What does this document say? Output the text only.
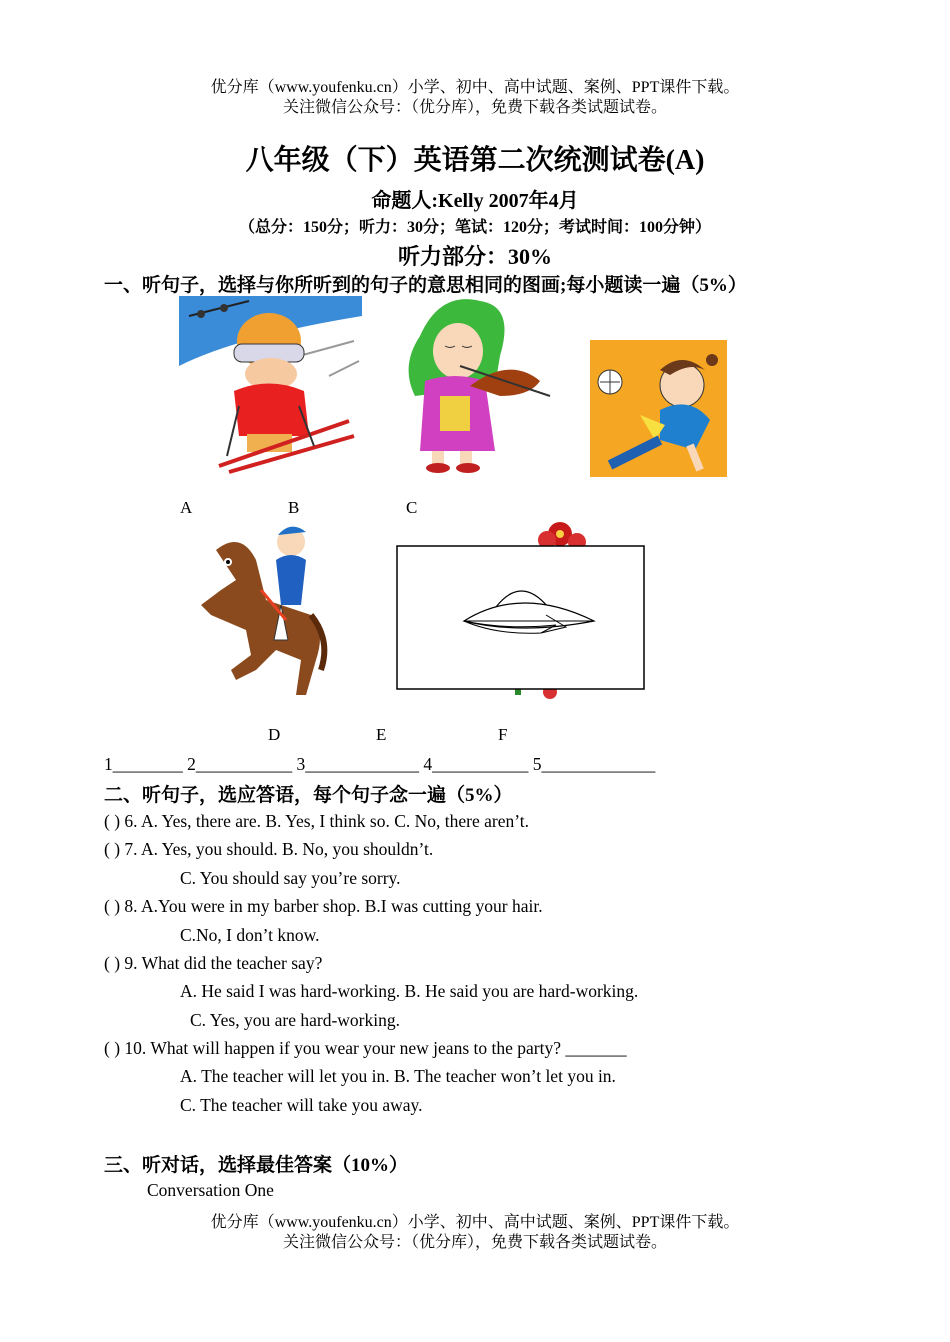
优分库（www.youfenku.cn）小学、初中、高中试题、案例、PPT课件下载。
关注微信公众号：（优分库），免费下载各类试题试卷。
八年级（下）英语第二次统测试卷(A)
命题人:Kelly 2007年4月
（总分：150分；听力：30分；笔试：120分；考试时间：100分钟）
听力部分：30%
一、听句子，选择与你所听到的句子的意思相同的图画;每小题读一遍（5%）
A	B	C
D	E	F
1________ 2___________ 3_____________ 4___________ 5_____________
二、听句子，选应答语，每个句子念一遍（5%）
( ) 6. A. Yes, there are. B. Yes, I think so. C. No, there aren’t.
( ) 7. A. Yes, you should. B. No, you shouldn’t.
C. You should say you’re sorry.
( ) 8. A.You were in my barber shop. B.I was cutting your hair.
C.No, I don’t know.
( ) 9. What did the teacher say?
A. He said I was hard-working. B. He said you are hard-working.
C. Yes, you are hard-working.
( ) 10. What will happen if you wear your new jeans to the party? _______
A. The teacher will let you in. B. The teacher won’t let you in.
C. The teacher will take you away.
三、听对话，选择最佳答案（10%）
Conversation One
优分库（www.youfenku.cn）小学、初中、高中试题、案例、PPT课件下载。
关注微信公众号：（优分库），免费下载各类试题试卷。
